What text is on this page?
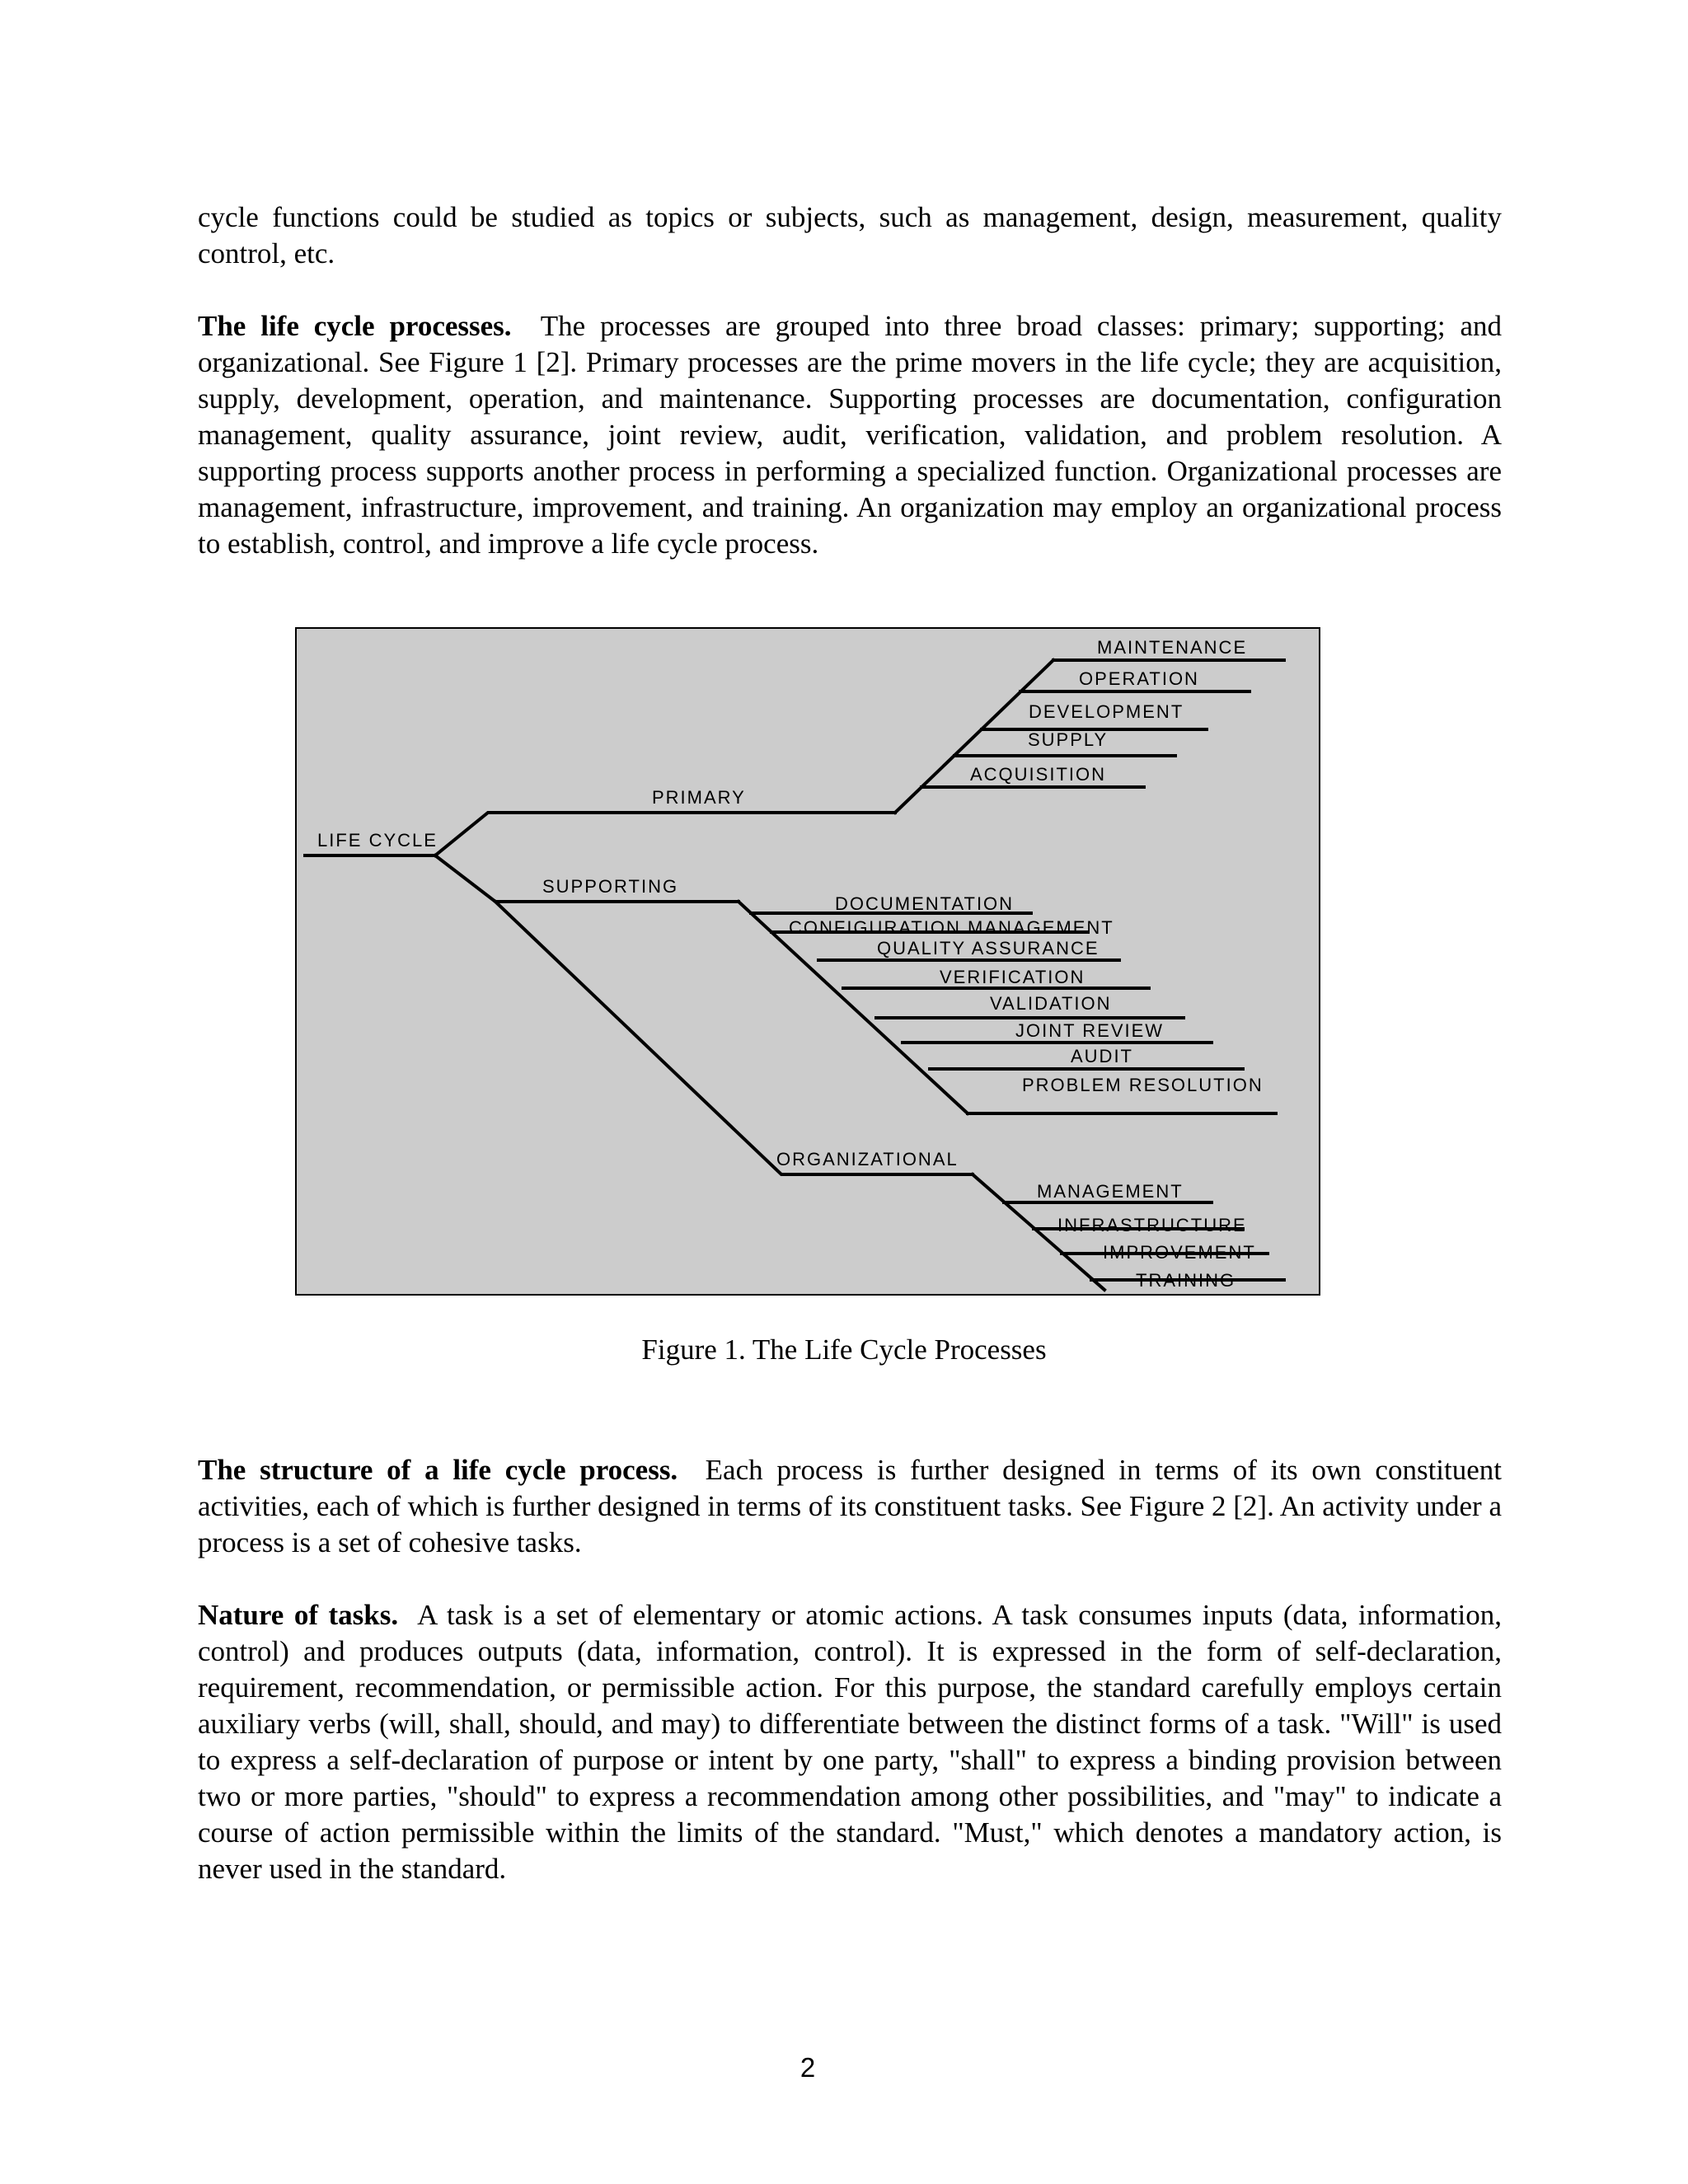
cycle functions could be studied as topics or subjects, such as management, design, measurement, quality control, etc.

The life cycle processes. The processes are grouped into three broad classes: primary; supporting; and organizational. See Figure 1 [2]. Primary processes are the prime movers in the life cycle; they are acquisition, supply, development, operation, and maintenance. Supporting processes are documentation, configuration management, quality assurance, joint review, audit, verification, validation, and problem resolution. A supporting process supports another process in performing a specialized function. Organizational processes are management, infrastructure, improvement, and training. An organization may employ an organizational process to establish, control, and improve a life cycle process.

LIFE CYCLE
PRIMARY
MAINTENANCE
OPERATION
DEVELOPMENT
SUPPLY
ACQUISITION
SUPPORTING
DOCUMENTATION
CONFIGURATION MANAGEMENT
QUALITY ASSURANCE
VERIFICATION
VALIDATION
JOINT REVIEW
AUDIT
PROBLEM RESOLUTION
ORGANIZATIONAL
MANAGEMENT
INFRASTRUCTURE
IMPROVEMENT
TRAINING
Figure 1. The Life Cycle Processes

The structure of a life cycle process. Each process is further designed in terms of its own constituent activities, each of which is further designed in terms of its constituent tasks. See Figure 2 [2]. An activity under a process is a set of cohesive tasks.

Nature of tasks. A task is a set of elementary or atomic actions. A task consumes inputs (data, information, control) and produces outputs (data, information, control). It is expressed in the form of self-declaration, requirement, recommendation, or permissible action. For this purpose, the standard carefully employs certain auxiliary verbs (will, shall, should, and may) to differentiate between the distinct forms of a task. "Will" is used to express a self-declaration of purpose or intent by one party, "shall" to express a binding provision between two or more parties, "should" to express a recommendation among other possibilities, and "may" to indicate a course of action permissible within the limits of the standard. "Must," which denotes a mandatory action, is never used in the standard.

2
